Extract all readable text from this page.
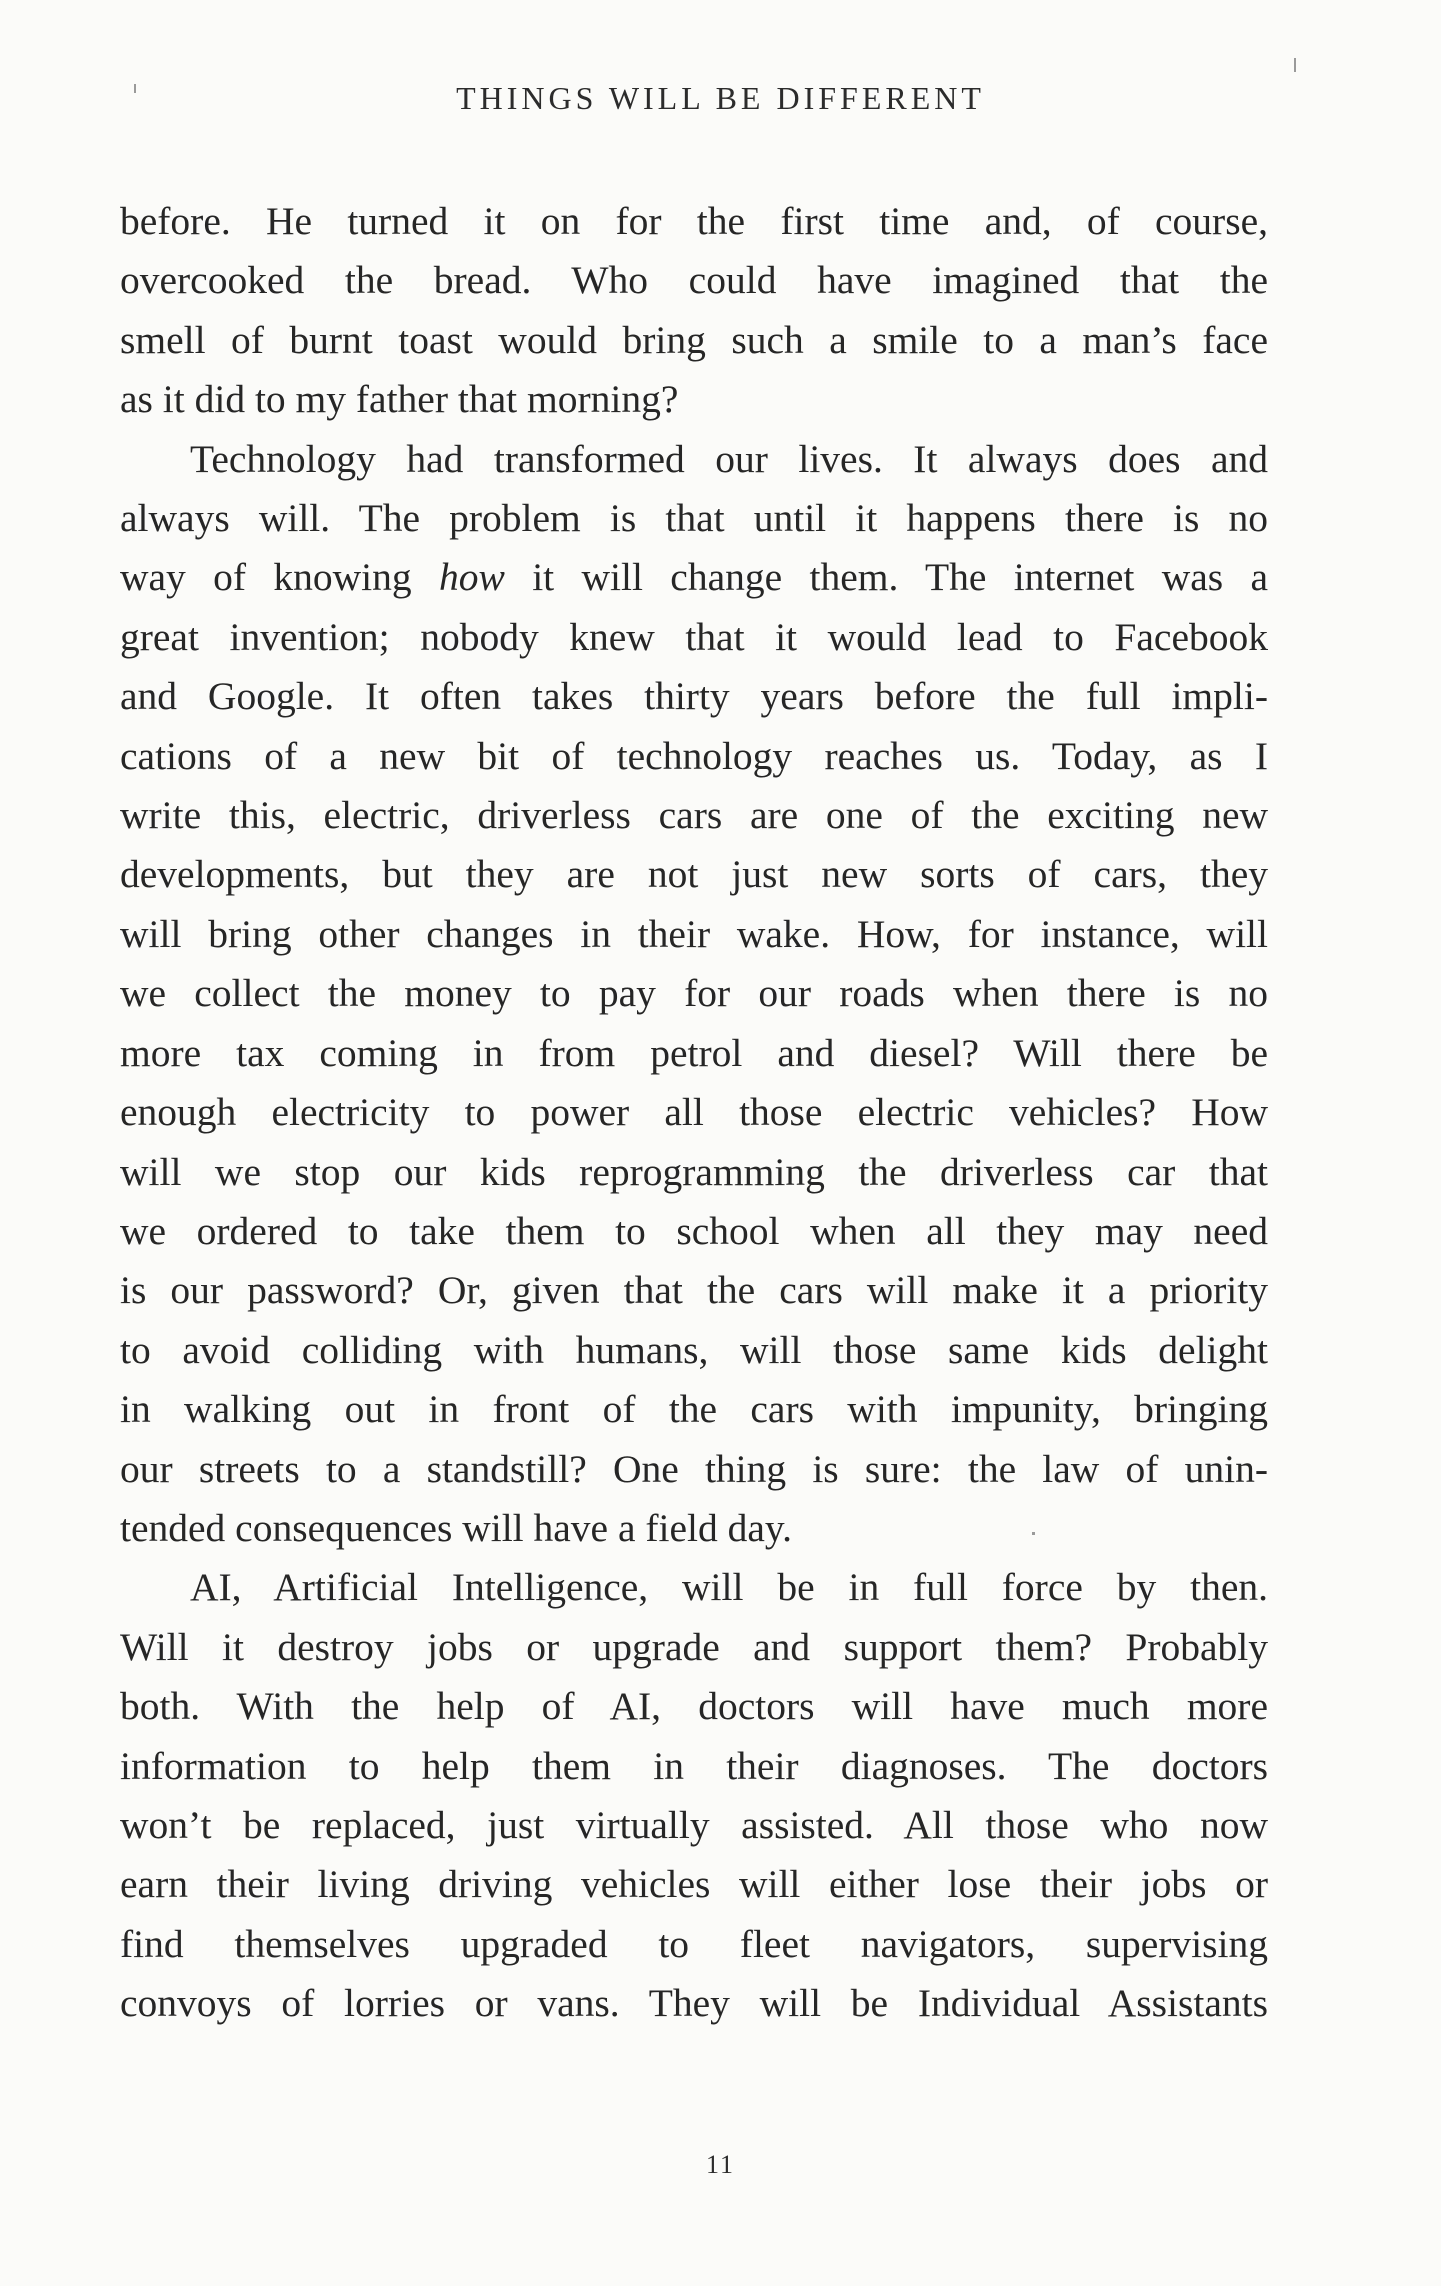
THINGS WILL BE DIFFERENT

before. He turned it on for the first time and, of course,

overcooked the bread. Who could have imagined that the

smell of burnt toast would bring such a smile to a man’s face

as it did to my father that morning?

Technology had transformed our lives. It always does and

always will. The problem is that until it happens there is no

way of knowing how it will change them. The internet was a

great invention; nobody knew that it would lead to Facebook

and Google. It often takes thirty years before the full impli-

cations of a new bit of technology reaches us. Today, as I

write this, electric, driverless cars are one of the exciting new

developments, but they are not just new sorts of cars, they

will bring other changes in their wake. How, for instance, will

we collect the money to pay for our roads when there is no

more tax coming in from petrol and diesel? Will there be

enough electricity to power all those electric vehicles? How

will we stop our kids reprogramming the driverless car that

we ordered to take them to school when all they may need

is our password? Or, given that the cars will make it a priority

to avoid colliding with humans, will those same kids delight

in walking out in front of the cars with impunity, bringing

our streets to a standstill? One thing is sure: the law of unin-

tended consequences will have a field day.

AI, Artificial Intelligence, will be in full force by then.

Will it destroy jobs or upgrade and support them? Probably

both. With the help of AI, doctors will have much more

information to help them in their diagnoses. The doctors

won’t be replaced, just virtually assisted. All those who now

earn their living driving vehicles will either lose their jobs or

find themselves upgraded to fleet navigators, supervising

convoys of lorries or vans. They will be Individual Assistants

11
